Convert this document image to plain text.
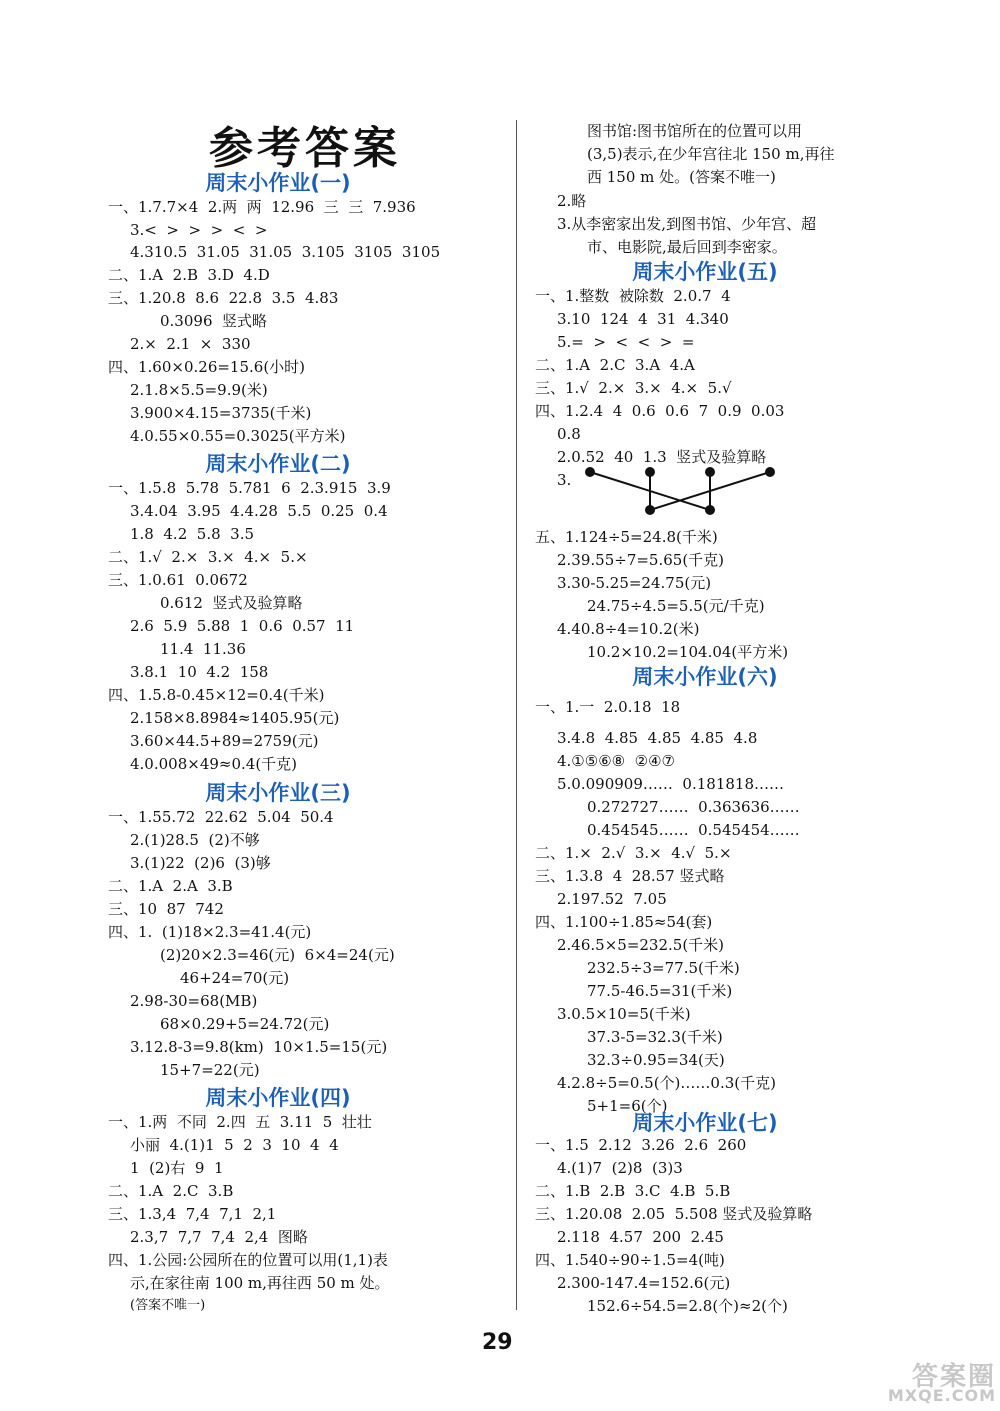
参考答案
周末小作业(一)
一、1.7.7×4  2.两  两  12.96  三  三  7.936
3.<  >  >  >  <  >
4.310.5  31.05  31.05  3.105  3105  3105
二、1.A  2.B  3.D  4.D
三、1.20.8  8.6  22.8  3.5  4.83
0.3096  竖式略
2.×  2.1  ×  330
四、1.60×0.26=15.6(小时)
2.1.8×5.5=9.9(米)
3.900×4.15=3735(千米)
4.0.55×0.55=0.3025(平方米)
周末小作业(二)
一、1.5.8  5.78  5.781  6  2.3.915  3.9
3.4.04  3.95  4.4.28  5.5  0.25  0.4
1.8  4.2  5.8  3.5
二、1.√  2.×  3.×  4.×  5.×
三、1.0.61  0.0672
0.612  竖式及验算略
2.6  5.9  5.88  1  0.6  0.57  11
11.4  11.36
3.8.1  10  4.2  158
四、1.5.8-0.45×12=0.4(千米)
2.158×8.8984≈1405.95(元)
3.60×44.5+89=2759(元)
4.0.008×49≈0.4(千克)
周末小作业(三)
一、1.55.72  22.62  5.04  50.4
2.(1)28.5  (2)不够
3.(1)22  (2)6  (3)够
二、1.A  2.A  3.B
三、10  87  742
四、1.  (1)18×2.3=41.4(元)
(2)20×2.3=46(元)  6×4=24(元)
46+24=70(元)
2.98-30=68(MB)
68×0.29+5=24.72(元)
3.12.8-3=9.8(km)  10×1.5=15(元)
15+7=22(元)
周末小作业(四)
一、1.两  不同  2.四  五  3.11  5  壮壮
小丽  4.(1)1  5  2  3  10  4  4
1  (2)右  9  1
二、1.A  2.C  3.B
三、1.3,4  7,4  7,1  2,1
2.3,7  7,7  7,4  2,4  图略
四、1.公园:公园所在的位置可以用(1,1)表
示,在家往南 100 m,再往西 50 m 处。
(答案不唯一)
图书馆:图书馆所在的位置可以用
(3,5)表示,在少年宫往北 150 m,再往
西 150 m 处。(答案不唯一)
2.略
3.从李密家出发,到图书馆、少年宫、超
市、电影院,最后回到李密家。
周末小作业(五)
一、1.整数  被除数  2.0.7  4
3.10  124  4  31  4.340
5.=  >  <  <  >  =
二、1.A  2.C  3.A  4.A
三、1.√  2.×  3.×  4.×  5.√
四、1.2.4  4  0.6  0.6  7  0.9  0.03
0.8
2.0.52  40  1.3  竖式及验算略
3.
五、1.124÷5=24.8(千米)
2.39.55÷7=5.65(千克)
3.30-5.25=24.75(元)
24.75÷4.5=5.5(元/千克)
4.40.8÷4=10.2(米)
10.2×10.2=104.04(平方米)
周末小作业(六)
一、1.一  2.0.18  18
3.4.8  4.85  4.85  4.85  4.8
4.①⑤⑥⑧  ②④⑦
5.0.090909……  0.181818……
0.272727……  0.363636……
0.454545……  0.545454……
二、1.×  2.√  3.×  4.√  5.×
三、1.3.8  4  28.57 竖式略
2.197.52  7.05
四、1.100÷1.85≈54(套)
2.46.5×5=232.5(千米)
232.5÷3=77.5(千米)
77.5-46.5=31(千米)
3.0.5×10=5(千米)
37.3-5=32.3(千米)
32.3÷0.95=34(天)
4.2.8÷5=0.5(个)……0.3(千克)
5+1=6(个)
周末小作业(七)
一、1.5  2.12  3.26  2.6  260
4.(1)7  (2)8  (3)3
二、1.B  2.B  3.C  4.B  5.B
三、1.20.08  2.05  5.508 竖式及验算略
2.118  4.57  200  2.45
四、1.540÷90÷1.5=4(吨)
2.300-147.4=152.6(元)
152.6÷54.5=2.8(个)≈2(个)
29
答案圈
MXQE.COM
